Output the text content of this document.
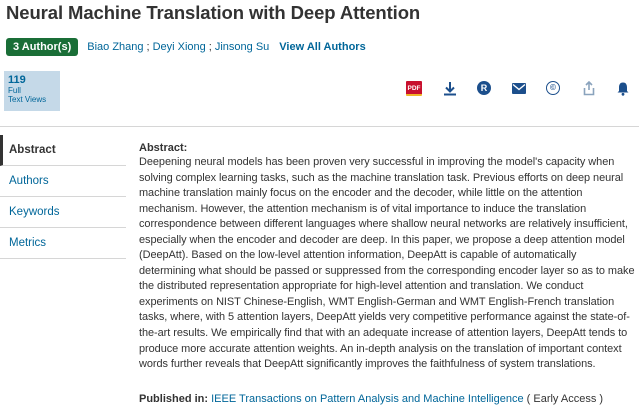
Neural Machine Translation with Deep Attention
3 Author(s)	Biao Zhang ; Deyi Xiong ; Jinsong Su View All Authors
119
Full
Text Views
PDF	R	©
Abstract
Authors
Keywords
Metrics
Abstract:
Deepening neural models has been proven very successful in improving the model's capacity when solving complex learning tasks, such as the machine translation task. Previous efforts on deep neural machine translation mainly focus on the encoder and the decoder, while little on the attention mechanism. However, the attention mechanism is of vital importance to induce the translation correspondence between different languages where shallow neural networks are relatively insufficient, especially when the encoder and decoder are deep. In this paper, we propose a deep attention model (DeepAtt). Based on the low-level attention information, DeepAtt is capable of automatically determining what should be passed or suppressed from the corresponding encoder layer so as to make the distributed representation appropriate for high-level attention and translation. We conduct experiments on NIST Chinese-English, WMT English-German and WMT English-French translation tasks, where, with 5 attention layers, DeepAtt yields very competitive performance against the state-of-the-art results. We empirically find that with an adequate increase of attention layers, DeepAtt tends to produce more accurate attention weights. An in-depth analysis on the translation of important context words further reveals that DeepAtt significantly improves the faithfulness of system translations.
Published in: IEEE Transactions on Pattern Analysis and Machine Intelligence ( Early Access )
